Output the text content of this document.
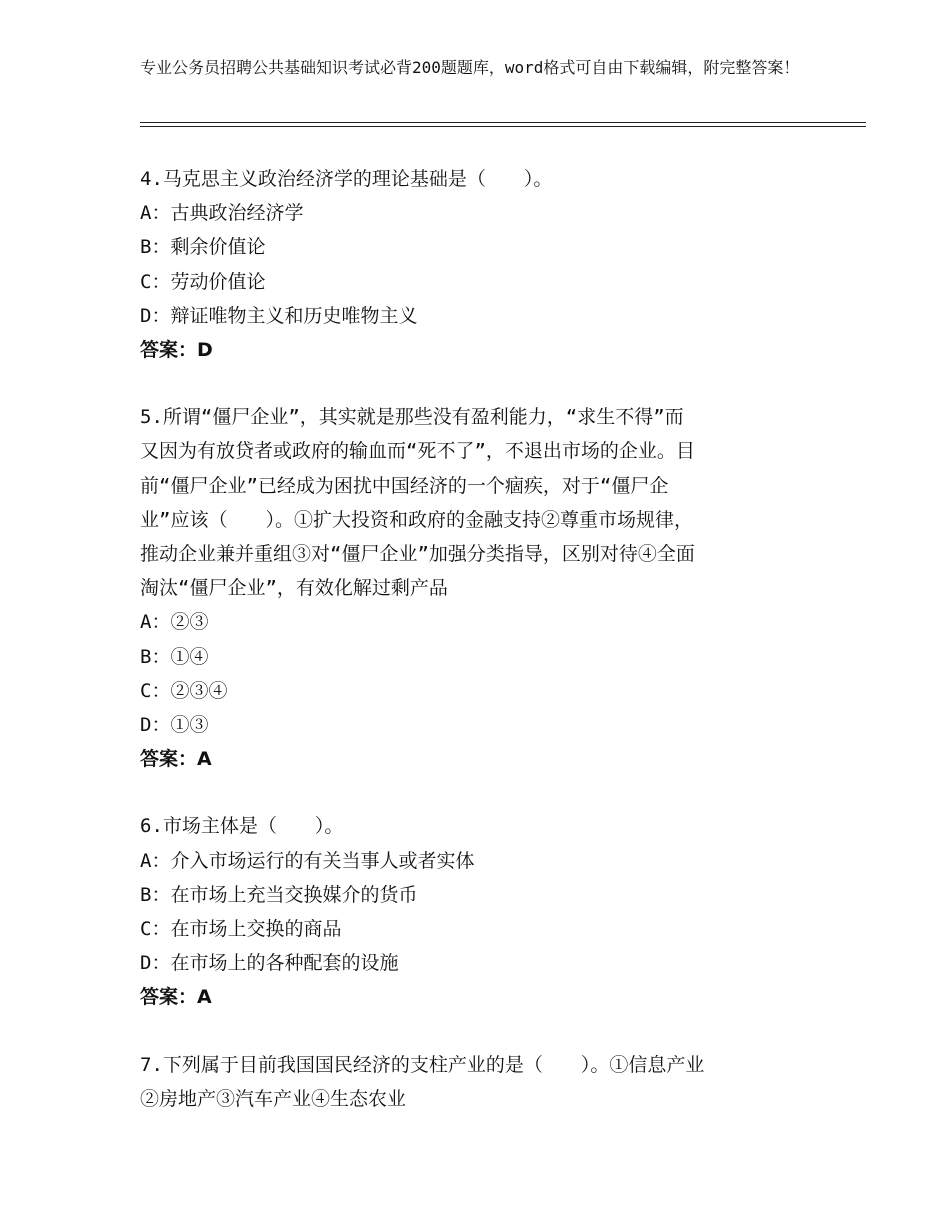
专业公务员招聘公共基础知识考试必背200题题库，word格式可自由下载编辑，附完整答案！

4.马克思主义政治经济学的理论基础是（　　）。

A：古典政治经济学

B：剩余价值论

C：劳动价值论

D：辩证唯物主义和历史唯物主义

答案：D

5.所谓“僵尸企业”，其实就是那些没有盈利能力，“求生不得”而

又因为有放贷者或政府的输血而“死不了”，不退出市场的企业。目

前“僵尸企业”已经成为困扰中国经济的一个痼疾，对于“僵尸企

业”应该（　　）。①扩大投资和政府的金融支持②尊重市场规律，

推动企业兼并重组③对“僵尸企业”加强分类指导，区别对待④全面

淘汰“僵尸企业”，有效化解过剩产品

A：②③

B：①④

C：②③④

D：①③

答案：A

6.市场主体是（　　）。

A：介入市场运行的有关当事人或者实体

B：在市场上充当交换媒介的货币

C：在市场上交换的商品

D：在市场上的各种配套的设施

答案：A

7.下列属于目前我国国民经济的支柱产业的是（　　）。①信息产业

②房地产③汽车产业④生态农业
